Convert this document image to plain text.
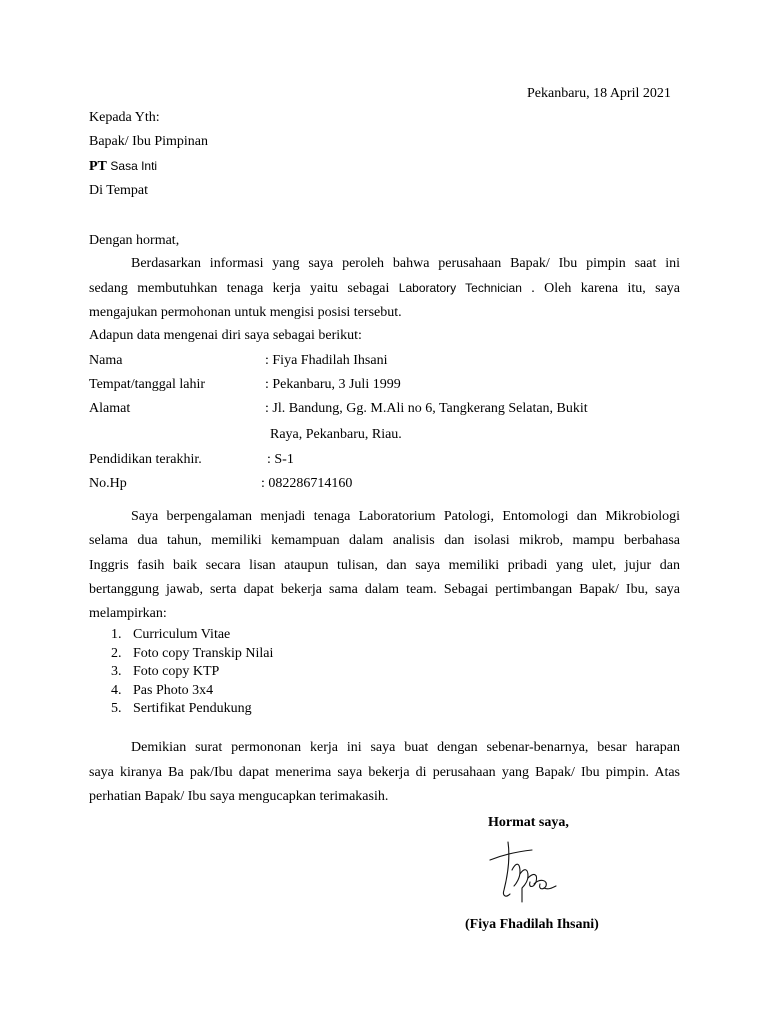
Pekanbaru, 18 April 2021
Kepada Yth:
Bapak/ Ibu Pimpinan
PT Sasa Inti
Di Tempat
Dengan hormat,
Berdasarkan informasi yang saya peroleh bahwa perusahaan Bapak/ Ibu pimpin saat ini
sedang membutuhkan tenaga kerja yaitu sebagai Laboratory Technician . Oleh karena itu, saya
mengajukan permohonan untuk mengisi posisi tersebut.
Adapun data mengenai diri saya sebagai berikut:
Nama	: Fiya Fhadilah Ihsani
Tempat/tanggal lahir	: Pekanbaru, 3 Juli 1999
Alamat	: Jl. Bandung, Gg. M.Ali no 6, Tangkerang Selatan, Bukit
Raya, Pekanbaru, Riau.
Pendidikan terakhir.	: S-1
No.Hp	: 082286714160
Saya berpengalaman menjadi tenaga Laboratorium Patologi, Entomologi dan Mikrobiologi
selama dua tahun, memiliki kemampuan dalam analisis dan isolasi mikrob, mampu berbahasa
Inggris fasih baik secara lisan ataupun tulisan, dan saya memiliki pribadi yang ulet, jujur dan
bertanggung jawab, serta dapat bekerja sama dalam team. Sebagai pertimbangan Bapak/ Ibu, saya
melampirkan:
1. Curriculum Vitae
2. Foto copy Transkip Nilai
3. Foto copy KTP
4. Pas Photo 3x4
5. Sertifikat Pendukung
Demikian surat permononan kerja ini saya buat dengan sebenar-benarnya, besar harapan
saya kiranya Ba pak/Ibu dapat menerima saya bekerja di perusahaan yang Bapak/ Ibu pimpin. Atas
perhatian Bapak/ Ibu saya mengucapkan terimakasih.
Hormat saya,
(Fiya Fhadilah Ihsani)
